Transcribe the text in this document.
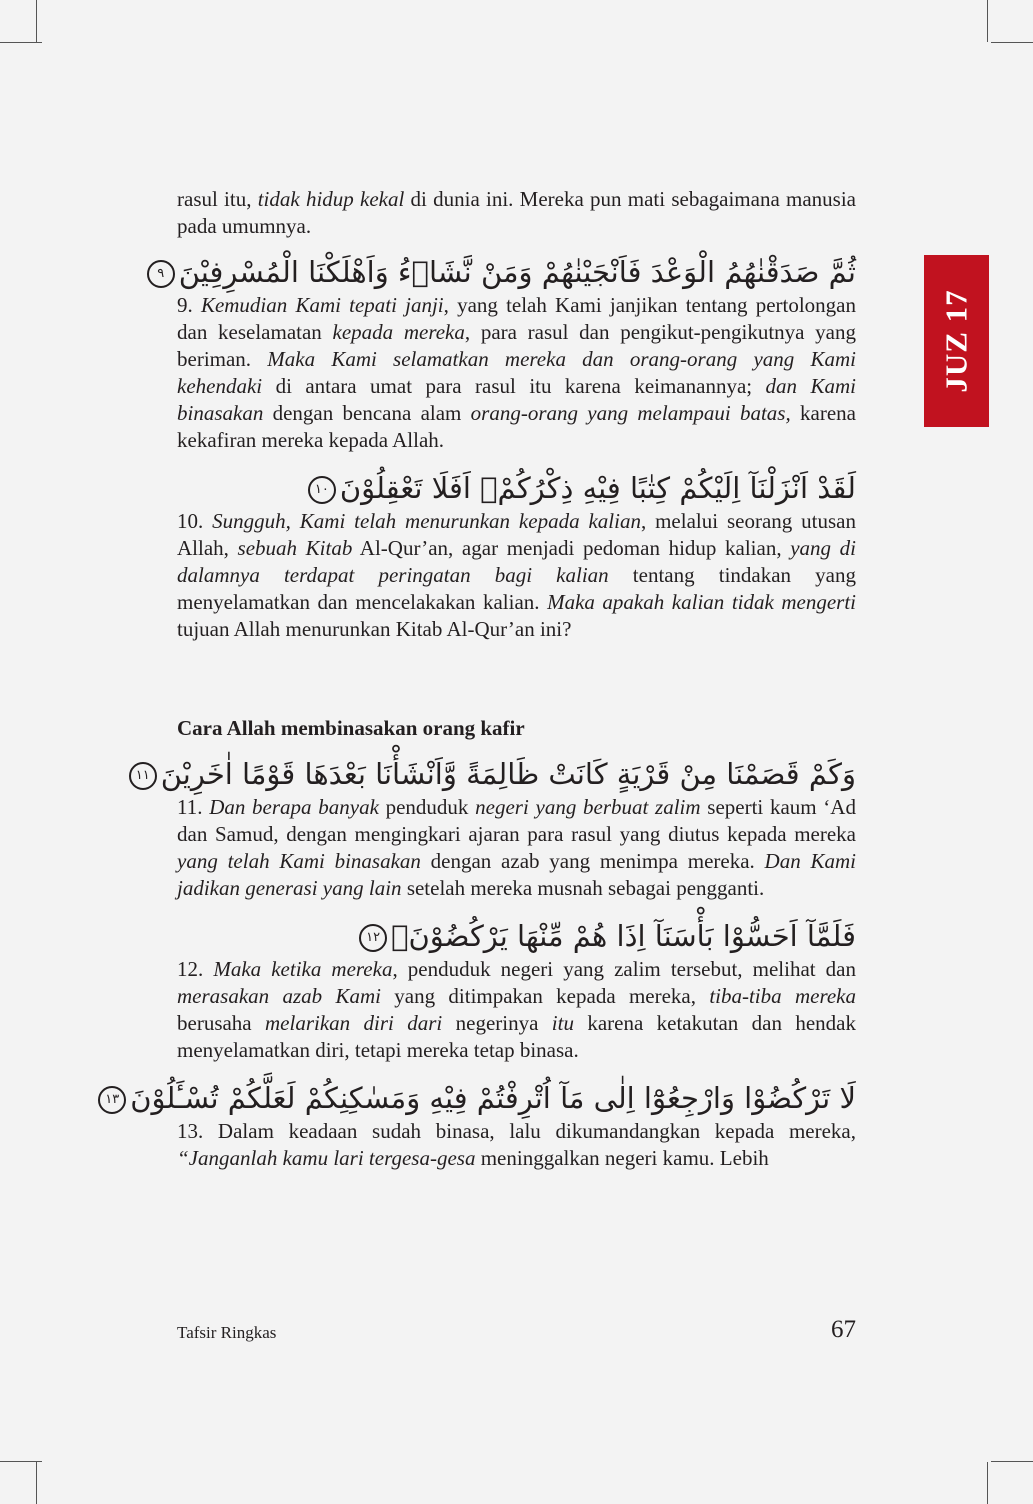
JUZ 17

rasul itu, tidak hidup kekal di dunia ini. Mereka pun mati sebagaimana manusia pada umumnya.

ثُمَّ صَدَقْنٰهُمُ الْوَعْدَ فَاَنْجَيْنٰهُمْ وَمَنْ نَّشَاۤءُ وَاَهْلَكْنَا الْمُسْرِفِيْنَ٩

9. Kemudian Kami tepati janji, yang telah Kami janjikan tentang pertolongan dan keselamatan kepada mereka, para rasul dan pengikut-pengikutnya yang beriman. Maka Kami selamatkan mereka dan orang-orang yang Kami kehendaki di antara umat para rasul itu karena keimanannya; dan Kami binasakan dengan bencana alam orang-orang yang melampaui batas, karena kekafiran mereka kepada Allah.

لَقَدْ اَنْزَلْنَآ اِلَيْكُمْ كِتٰبًا فِيْهِ ذِكْرُكُمْۗ اَفَلَا تَعْقِلُوْنَ١٠

10. Sungguh, Kami telah menurunkan kepada kalian, melalui seorang utusan Allah, sebuah Kitab Al-Qur’an, agar menjadi pedoman hidup kalian, yang di dalamnya terdapat peringatan bagi kalian tentang tindakan yang menyelamatkan dan mencelakakan kalian. Maka apakah kalian tidak mengerti tujuan Allah menurunkan Kitab Al-Qur’an ini?

Cara Allah membinasakan orang kafir

وَكَمْ قَصَمْنَا مِنْ قَرْيَةٍ كَانَتْ ظَالِمَةً وَّاَنْشَأْنَا بَعْدَهَا قَوْمًا اٰخَرِيْنَ١١

11. Dan berapa banyak penduduk negeri yang berbuat zalim seperti kaum ‘Ad dan Samud, dengan mengingkari ajaran para rasul yang diutus kepada mereka yang telah Kami binasakan dengan azab yang menimpa mereka. Dan Kami jadikan generasi yang lain setelah mereka musnah sebagai pengganti.

فَلَمَّآ اَحَسُّوْا بَأْسَنَآ اِذَا هُمْ مِّنْهَا يَرْكُضُوْنَۗ١٢

12. Maka ketika mereka, penduduk negeri yang zalim tersebut, melihat dan merasakan azab Kami yang ditimpakan kepada mereka, tiba-tiba mereka berusaha melarikan diri dari negerinya itu karena ketakutan dan hendak menyelamatkan diri, tetapi mereka tetap binasa.

لَا تَرْكُضُوْا وَارْجِعُوْٓا اِلٰى مَآ اُتْرِفْتُمْ فِيْهِ وَمَسٰكِنِكُمْ لَعَلَّكُمْ تُسْـَٔلُوْنَ١٣

13. Dalam keadaan sudah binasa, lalu dikumandangkan kepada mereka, “Janganlah kamu lari tergesa-gesa meninggalkan negeri kamu. Lebih

Tafsir Ringkas	67
